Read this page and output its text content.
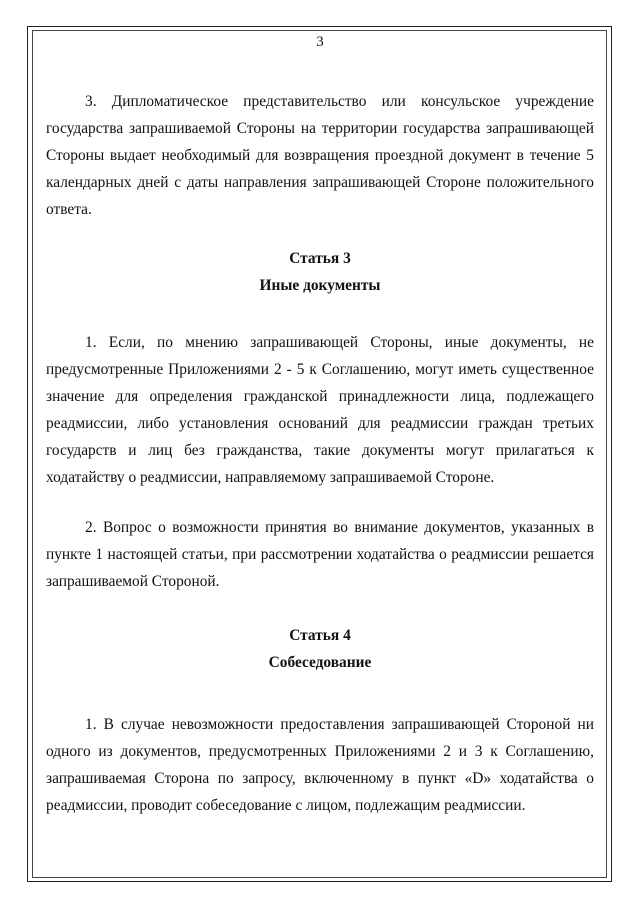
3

3. Дипломатическое представительство или консульское учреждение государства запрашиваемой Стороны на территории государства запрашивающей Стороны выдает необходимый для возвращения проездной документ в течение 5 календарных дней с даты направления запрашивающей Стороне положительного ответа.

Статья 3

Иные документы

1. Если, по мнению запрашивающей Стороны, иные документы, не предусмотренные Приложениями 2 - 5 к Соглашению, могут иметь существенное значение для определения гражданской принадлежности лица, подлежащего реадмиссии, либо установления оснований для реадмиссии граждан третьих государств и лиц без гражданства, такие документы могут прилагаться к ходатайству о реадмиссии, направляемому запрашиваемой Стороне.

2. Вопрос о возможности принятия во внимание документов, указанных в пункте 1 настоящей статьи, при рассмотрении ходатайства о реадмиссии решается запрашиваемой Стороной.

Статья 4

Собеседование

1. В случае невозможности предоставления запрашивающей Стороной ни одного из документов, предусмотренных Приложениями 2 и 3 к Соглашению, запрашиваемая Сторона по запросу, включенному в пункт «D» ходатайства о реадмиссии, проводит собеседование с лицом, подлежащим реадмиссии.
